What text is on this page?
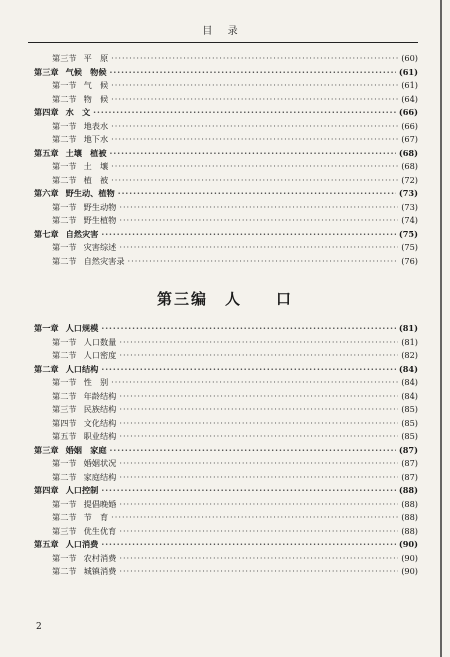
目 录
第三节 平　原 ·····	(60)
第三章 气候　物候 ·····	(61)
第一节 气　候 ·····	(61)
第二节 物　候 ·····	(64)
第四章 水　文 ·····	(66)
第一节 地表水 ·····	(66)
第二节 地下水 ·····	(67)
第五章 土壤　植被 ·····	(68)
第一节 土　壤 ·····	(68)
第二节 植　被 ·····	(72)
第六章 野生动、植物 ·····	(73)
第一节 野生动物 ·····	(73)
第二节 野生植物 ·····	(74)
第七章 自然灾害 ·····	(75)
第一节 灾害综述 ·····	(75)
第二节 自然灾害录 ·····	(76)
第三编　人　　口
第一章 人口规模 ·····	(81)
第一节 人口数量 ·····	(81)
第二节 人口密度 ·····	(82)
第二章 人口结构 ·····	(84)
第一节 性　别 ·····	(84)
第二节 年龄结构 ·····	(84)
第三节 民族结构 ·····	(85)
第四节 文化结构 ·····	(85)
第五节 职业结构 ·····	(85)
第三章 婚姻　家庭 ·····	(87)
第一节 婚姻状况 ·····	(87)
第二节 家庭结构 ·····	(87)
第四章 人口控制 ·····	(88)
第一节 提倡晚婚 ·····	(88)
第二节 节　育 ·····	(88)
第三节 优生优育 ·····	(88)
第五章 人口消费 ·····	(90)
第一节 农村消费 ·····	(90)
第二节 城镇消费 ·····	(90)
2
